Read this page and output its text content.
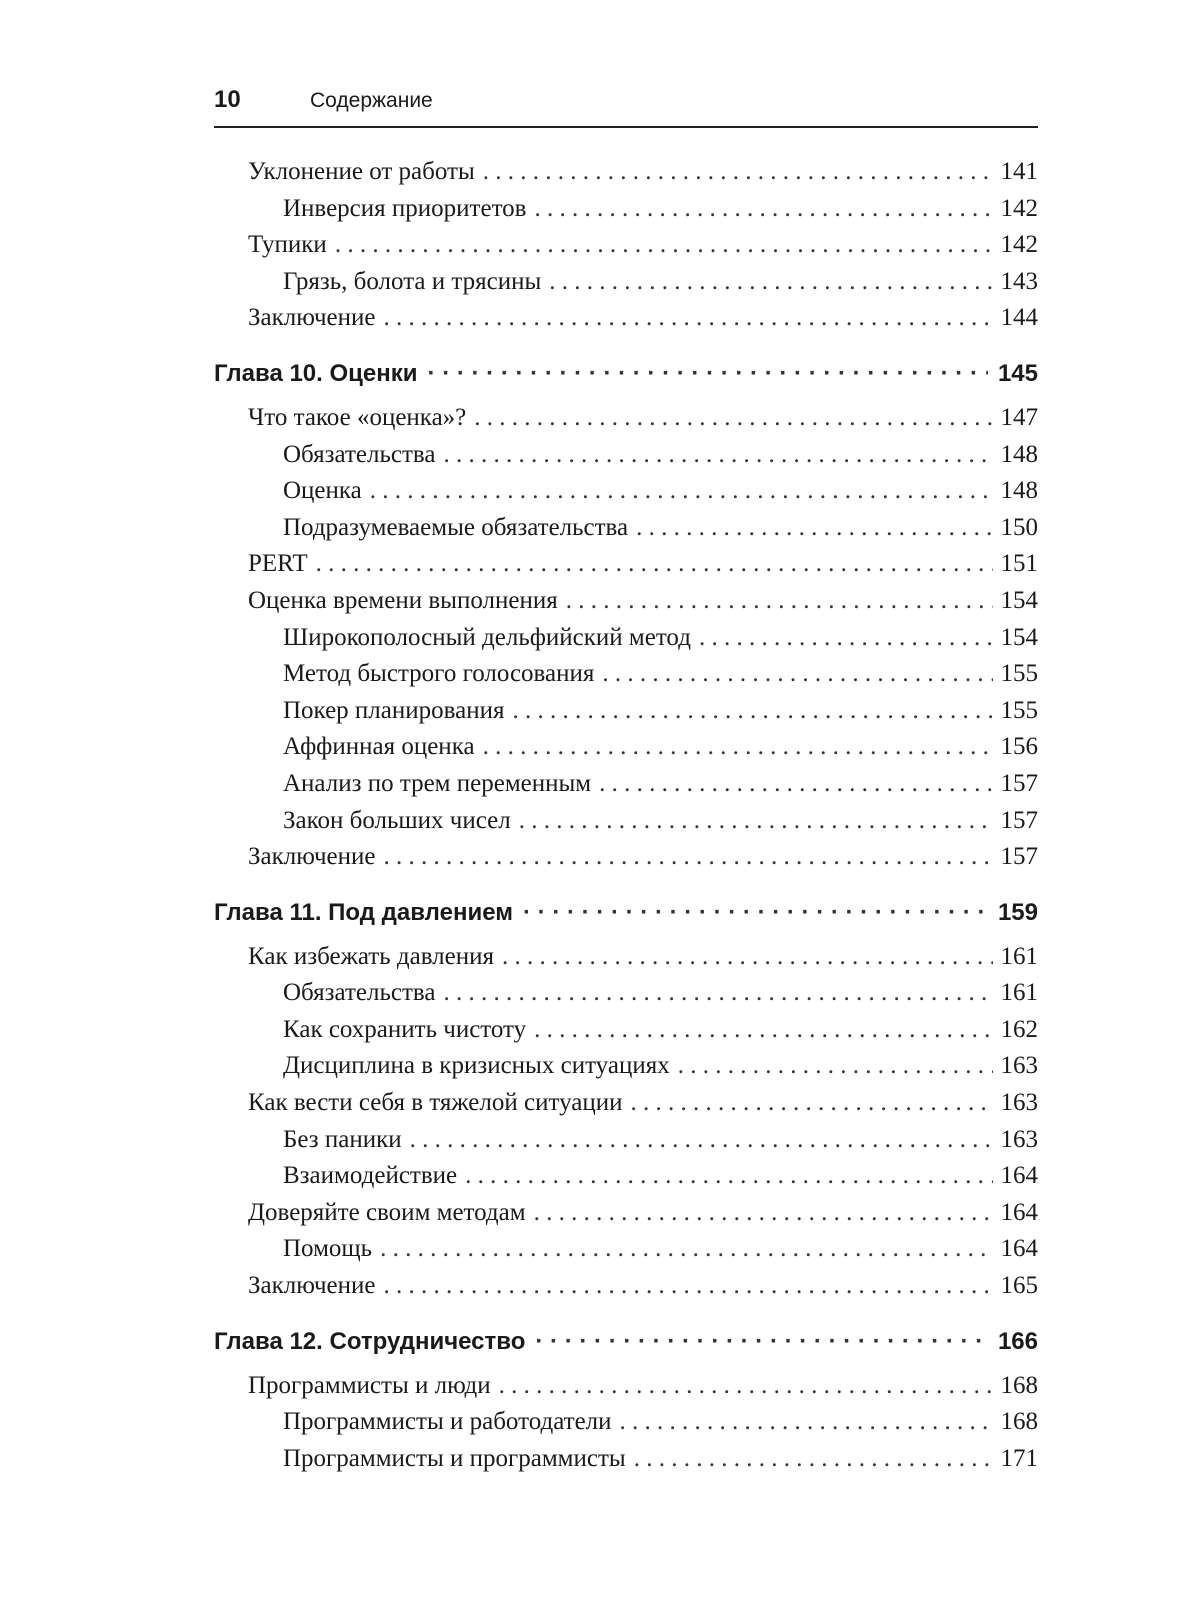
10	Содержание
Уклонение от работы . . .	141
Инверсия приоритетов . . .	142
Тупики . . .	142
Грязь, болота и трясины . . .	143
Заключение . . .	144
Глава 10. Оценки · · ·	145
Что такое «оценка»? . . .	147
Обязательства . . .	148
Оценка . . .	148
Подразумеваемые обязательства . . .	150
PERT . . .	151
Оценка времени выполнения . . .	154
Широкополосный дельфийский метод . . .	154
Метод быстрого голосования . . .	155
Покер планирования . . .	155
Аффинная оценка . . .	156
Анализ по трем переменным . . .	157
Закон больших чисел . . .	157
Заключение . . .	157
Глава 11. Под давлением · · ·	159
Как избежать давления . . .	161
Обязательства . . .	161
Как сохранить чистоту . . .	162
Дисциплина в кризисных ситуациях . . .	163
Как вести себя в тяжелой ситуации . . .	163
Без паники . . .	163
Взаимодействие . . .	164
Доверяйте своим методам . . .	164
Помощь . . .	164
Заключение . . .	165
Глава 12. Сотрудничество · · ·	166
Программисты и люди . . .	168
Программисты и работодатели . . .	168
Программисты и программисты . . .	171
